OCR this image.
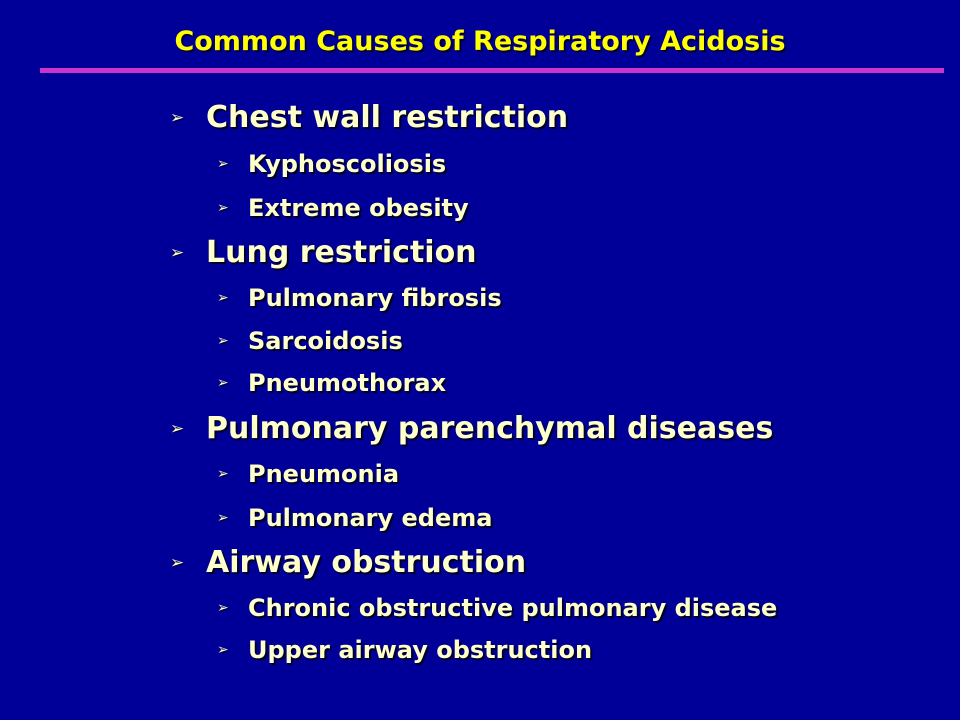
Common Causes of Respiratory Acidosis
➢ Chest wall restriction
➢ Kyphoscoliosis
➢ Extreme obesity
➢ Lung restriction
➢ Pulmonary fibrosis
➢ Sarcoidosis
➢ Pneumothorax
➢ Pulmonary parenchymal diseases
➢ Pneumonia
➢ Pulmonary edema
➢ Airway obstruction
➢ Chronic obstructive pulmonary disease
➢ Upper airway obstruction
